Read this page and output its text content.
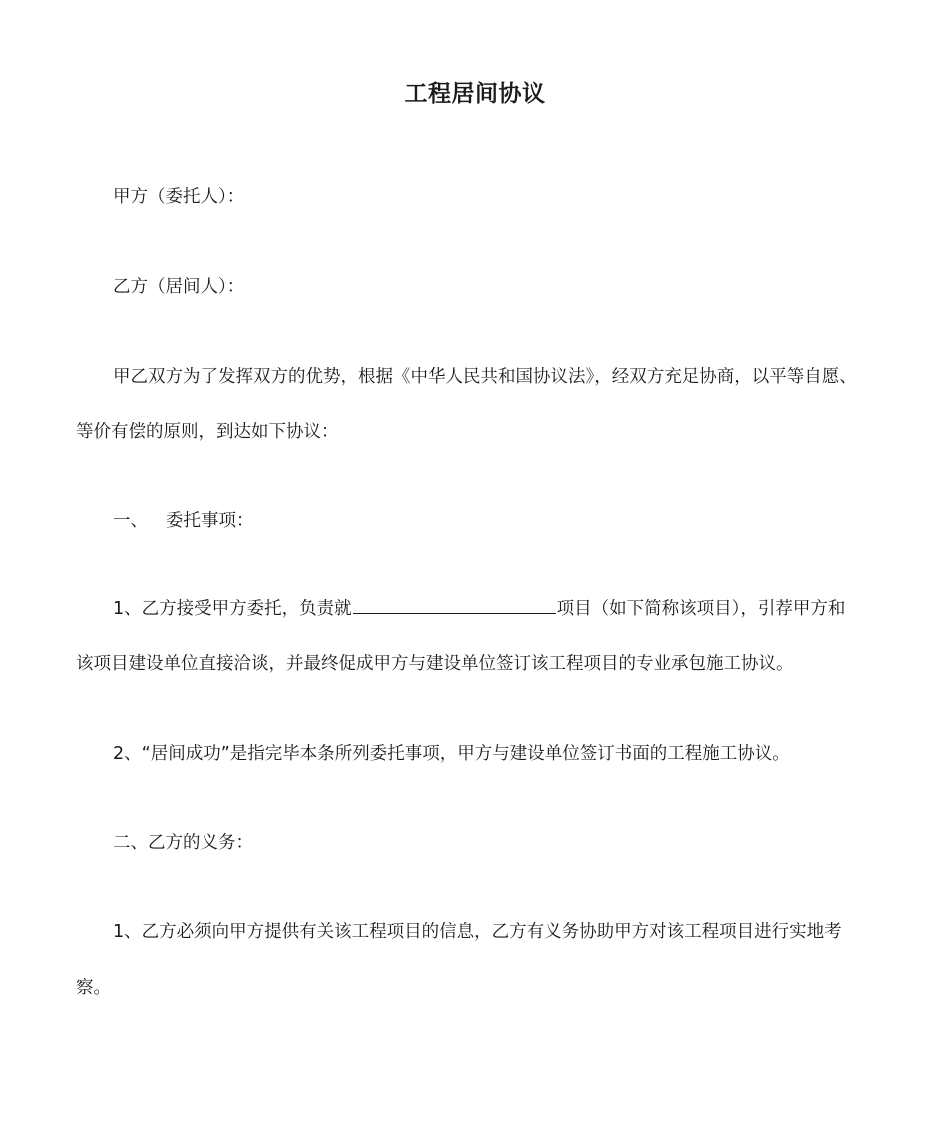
工程居间协议
甲方（委托人）：
乙方（居间人）：
甲乙双方为了发挥双方的优势，根据《中华人民共和国协议法》，经双方充足协商，以平等自愿、
等价有偿的原则，到达如下协议：
一、 委托事项：
1、乙方接受甲方委托，负责就	项目（如下简称该项目），引荐甲方和
该项目建设单位直接洽谈，并最终促成甲方与建设单位签订该工程项目的专业承包施工协议。
2、“居间成功”是指完毕本条所列委托事项，甲方与建设单位签订书面的工程施工协议。
二、乙方的义务：
1、乙方必须向甲方提供有关该工程项目的信息，乙方有义务协助甲方对该工程项目进行实地考
察。
